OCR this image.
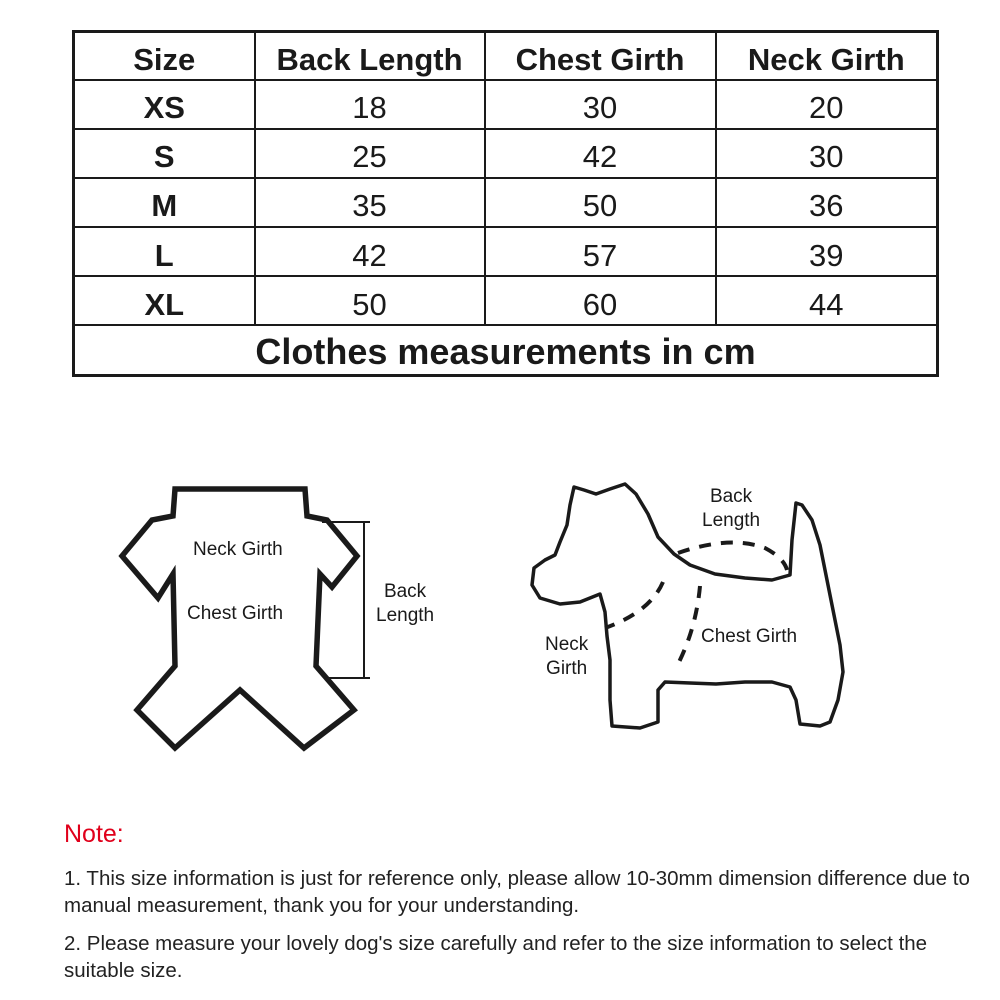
Size	Back Length	Chest Girth	Neck Girth
XS	18	30	20
S	25	42	30
M	35	50	36
L	42	57	39
XL	50	60	44
Clothes measurements in cm			
Neck Girth
Chest Girth
Back
Length
Back
Length
Chest Girth
Neck
Girth
Note:
1. This size information is just for reference only, please allow 10-30mm dimension difference due to manual measurement, thank you for your understanding.
2. Please measure your lovely dog's size carefully and refer to the size information to select the suitable size.
